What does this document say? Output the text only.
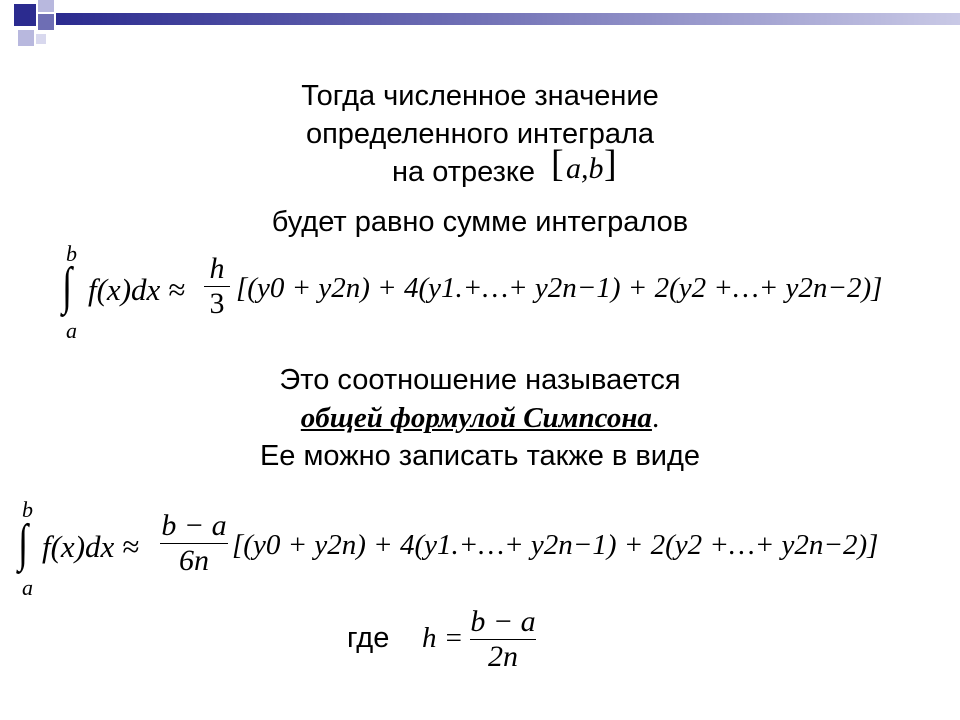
Тогда численное значение
определенного интеграла
на отрезке [ a,b ]
будет равно сумме интегралов
b
∫
a
$f(x)dx \approx \frac{h}{3} [(y0 + y2n)$ + 4(y1.+…+ y2n−1) + 2(y2 +…+ y2n−2)]
Это соотношение называется
общей формулой Симпсона.
Ее можно записать также в виде
b
∫
a
$f(x)dx \approx \frac{b - a}{6n} [(y0 + y2n)$ + 4(y1.+…+ y2n−1) + 2(y2 +…+ y2n−2)]
где $h = \frac{b - a}{2n}$
